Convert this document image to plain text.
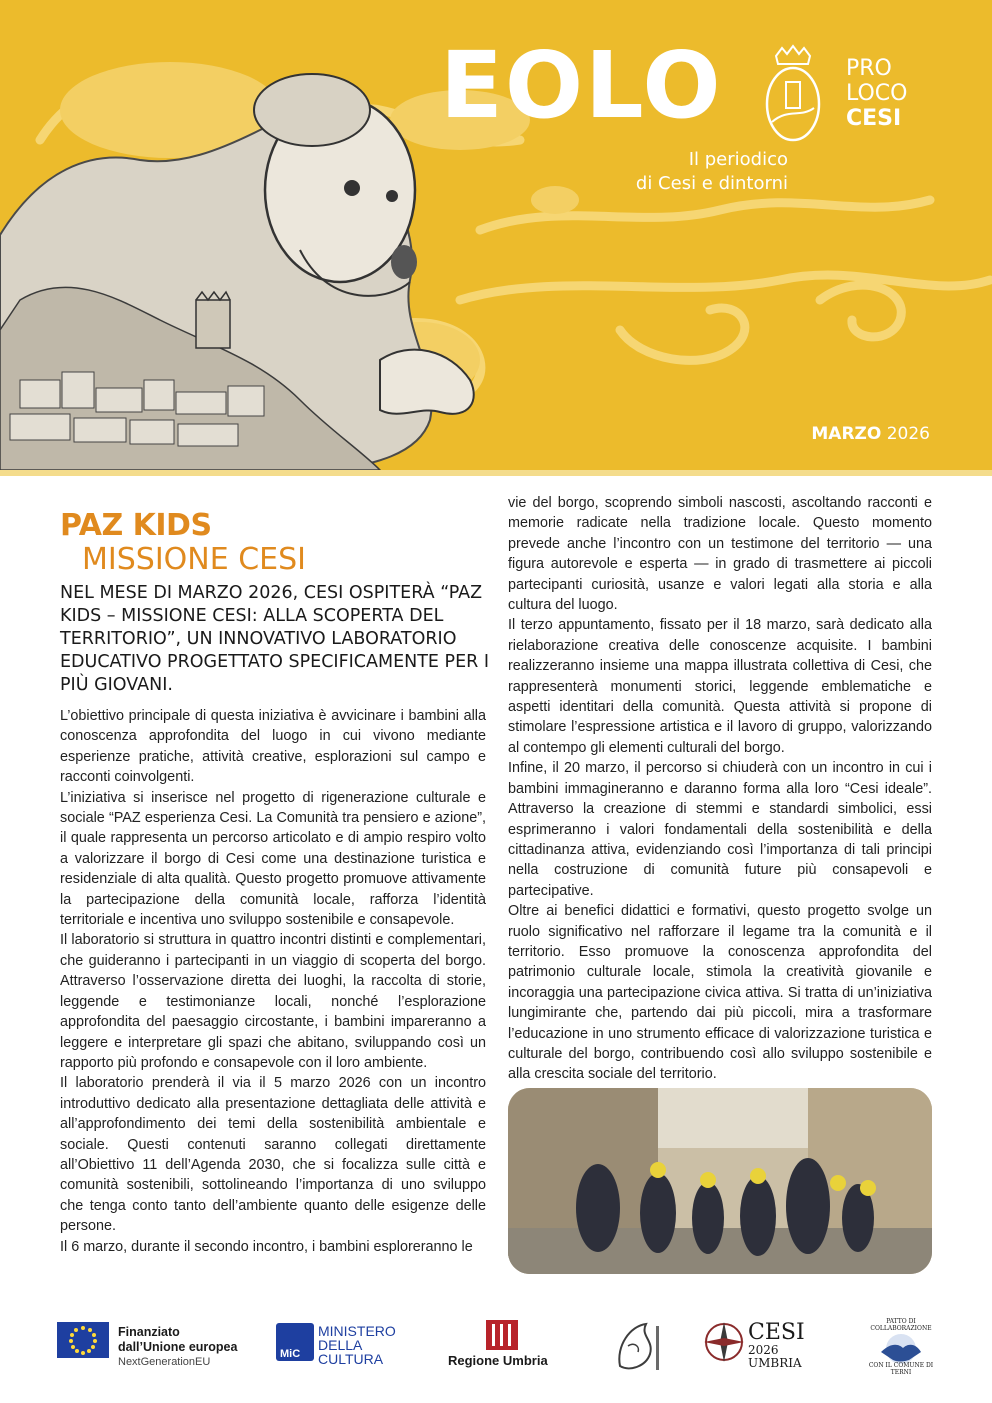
EOLO	PRO
LOCO
CESI
Il periodico
di Cesi e dintorni
MARZO 2026
PAZ KIDS
MISSIONE CESI
NEL MESE DI MARZO 2026, CESI OSPITERÀ “PAZ KIDS – MISSIONE CESI: ALLA SCOPERTA DEL TERRITORIO”, UN INNOVATIVO LABORATORIO EDUCATIVO PROGETTATO SPECIFICAMENTE PER I PIÙ GIOVANI.

L’obiettivo principale di questa iniziativa è avvicinare i bambini alla conoscenza approfondita del luogo in cui vivono mediante esperienze pratiche, attività creative, esplorazioni sul campo e racconti coinvolgenti.

L’iniziativa si inserisce nel progetto di rigenerazione culturale e sociale “PAZ esperienza Cesi. La Comunità tra pensiero e azione”, il quale rappresenta un percorso articolato e di ampio respiro volto a valorizzare il borgo di Cesi come una destinazione turistica e residenziale di alta qualità. Questo progetto promuove attivamente la partecipazione della comunità locale, rafforza l’identità territoriale e incentiva uno sviluppo sostenibile e consapevole.

Il laboratorio si struttura in quattro incontri distinti e complementari, che guideranno i partecipanti in un viaggio di scoperta del borgo. Attraverso l’osservazione diretta dei luoghi, la raccolta di storie, leggende e testimonianze locali, nonché l’esplorazione approfondita del paesaggio circostante, i bambini impareranno a leggere e interpretare gli spazi che abitano, sviluppando così un rapporto più profondo e consapevole con il loro ambiente.

Il laboratorio prenderà il via il 5 marzo 2026 con un incontro introduttivo dedicato alla presentazione dettagliata delle attività e all’approfondimento dei temi della sostenibilità ambientale e sociale. Questi contenuti saranno collegati direttamente all’Obiettivo 11 dell’Agenda 2030, che si focalizza sulle città e comunità sostenibili, sottolineando l’importanza di uno sviluppo che tenga conto tanto dell’ambiente quanto delle esigenze delle persone.

Il 6 marzo, durante il secondo incontro, i bambini esploreranno le

vie del borgo, scoprendo simboli nascosti, ascoltando racconti e memorie radicate nella tradizione locale. Questo momento prevede anche l’incontro con un testimone del territorio — una figura autorevole e esperta — in grado di trasmettere ai piccoli partecipanti curiosità, usanze e valori legati alla storia e alla cultura del luogo.

Il terzo appuntamento, fissato per il 18 marzo, sarà dedicato alla rielaborazione creativa delle conoscenze acquisite. I bambini realizzeranno insieme una mappa illustrata collettiva di Cesi, che rappresenterà monumenti storici, leggende emblematiche e aspetti identitari della comunità. Questa attività si propone di stimolare l’espressione artistica e il lavoro di gruppo, valorizzando al contempo gli elementi culturali del borgo.

Infine, il 20 marzo, il percorso si chiuderà con un incontro in cui i bambini immagineranno e daranno forma alla loro “Cesi ideale”. Attraverso la creazione di stemmi e standardi simbolici, essi esprimeranno i valori fondamentali della sostenibilità e della cittadinanza attiva, evidenziando così l’importanza di tali principi nella costruzione di comunità future più consapevoli e partecipative.

Oltre ai benefici didattici e formativi, questo progetto svolge un ruolo significativo nel rafforzare il legame tra la comunità e il territorio. Esso promuove la conoscenza approfondita del patrimonio culturale locale, stimola la creatività giovanile e incoraggia una partecipazione civica attiva. Si tratta di un’iniziativa lungimirante che, partendo dai più piccoli, mira a trasformare l’educazione in uno strumento efficace di valorizzazione turistica e culturale del borgo, contribuendo così allo sviluppo sostenibile e alla crescita sociale del territorio.

Finanziato
dall’Unione europea
NextGenerationEU
MiC
MINISTERO
DELLA
CULTURA	Regione Umbria
CESI
2026
UMBRIA
PATTO DI COLLABORAZIONE
CON IL COMUNE DI TERNI
